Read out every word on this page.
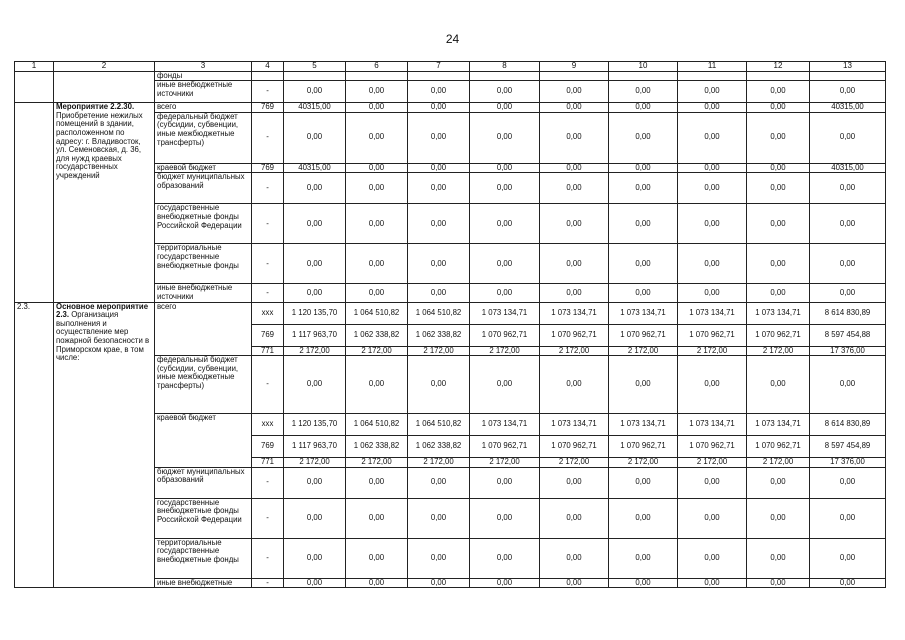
24
1	2	3	4	5	6	7	8	9	10	11	12	13
		фонды										
		иные внебюджетные источники	-	0,00	0,00	0,00	0,00	0,00	0,00	0,00	0,00	0,00
	Мероприятие 2.2.30. Приобретение нежилых помещений в здании, расположенном по адресу: г. Владивосток, ул. Семеновская, д. 36, для нужд краевых государственных учреждений	всего	769	40315,00	0,00	0,00	0,00	0,00	0,00	0,00	0,00	40315,00
		федеральный бюджет (субсидии, субвенции, иные межбюджетные трансферты)	-	0,00	0,00	0,00	0,00	0,00	0,00	0,00	0,00	0,00
		краевой бюджет	769	40315,00	0,00	0,00	0,00	0,00	0,00	0,00	0,00	40315,00
		бюджет муниципальных образований	-	0,00	0,00	0,00	0,00	0,00	0,00	0,00	0,00	0,00
		государственные внебюджетные фонды Российской Федерации	-	0,00	0,00	0,00	0,00	0,00	0,00	0,00	0,00	0,00
		территориальные государственные внебюджетные фонды	-	0,00	0,00	0,00	0,00	0,00	0,00	0,00	0,00	0,00
		иные внебюджетные источники	-	0,00	0,00	0,00	0,00	0,00	0,00	0,00	0,00	0,00
2.3.	Основное мероприятие 2.3. Организация выполнения и осуществление мер пожарной безопасности в Приморском крае, в том числе:	всего	xxx	1 120 135,70	1 064 510,82	1 064 510,82	1 073 134,71	1 073 134,71	1 073 134,71	1 073 134,71	1 073 134,71	8 614 830,89
			769	1 117 963,70	1 062 338,82	1 062 338,82	1 070 962,71	1 070 962,71	1 070 962,71	1 070 962,71	1 070 962,71	8 597 454,88
			771	2 172,00	2 172,00	2 172,00	2 172,00	2 172,00	2 172,00	2 172,00	2 172,00	17 376,00
		федеральный бюджет (субсидии, субвенции, иные межбюджетные трансферты)	-	0,00	0,00	0,00	0,00	0,00	0,00	0,00	0,00	0,00
		краевой бюджет	xxx	1 120 135,70	1 064 510,82	1 064 510,82	1 073 134,71	1 073 134,71	1 073 134,71	1 073 134,71	1 073 134,71	8 614 830,89
			769	1 117 963,70	1 062 338,82	1 062 338,82	1 070 962,71	1 070 962,71	1 070 962,71	1 070 962,71	1 070 962,71	8 597 454,89
			771	2 172,00	2 172,00	2 172,00	2 172,00	2 172,00	2 172,00	2 172,00	2 172,00	17 376,00
		бюджет муниципальных образований	-	0,00	0,00	0,00	0,00	0,00	0,00	0,00	0,00	0,00
		государственные внебюджетные фонды Российской Федерации	-	0,00	0,00	0,00	0,00	0,00	0,00	0,00	0,00	0,00
		территориальные государственные внебюджетные фонды	-	0,00	0,00	0,00	0,00	0,00	0,00	0,00	0,00	0,00
		иные внебюджетные	-	0,00	0,00	0,00	0,00	0,00	0,00	0,00	0,00	0,00
